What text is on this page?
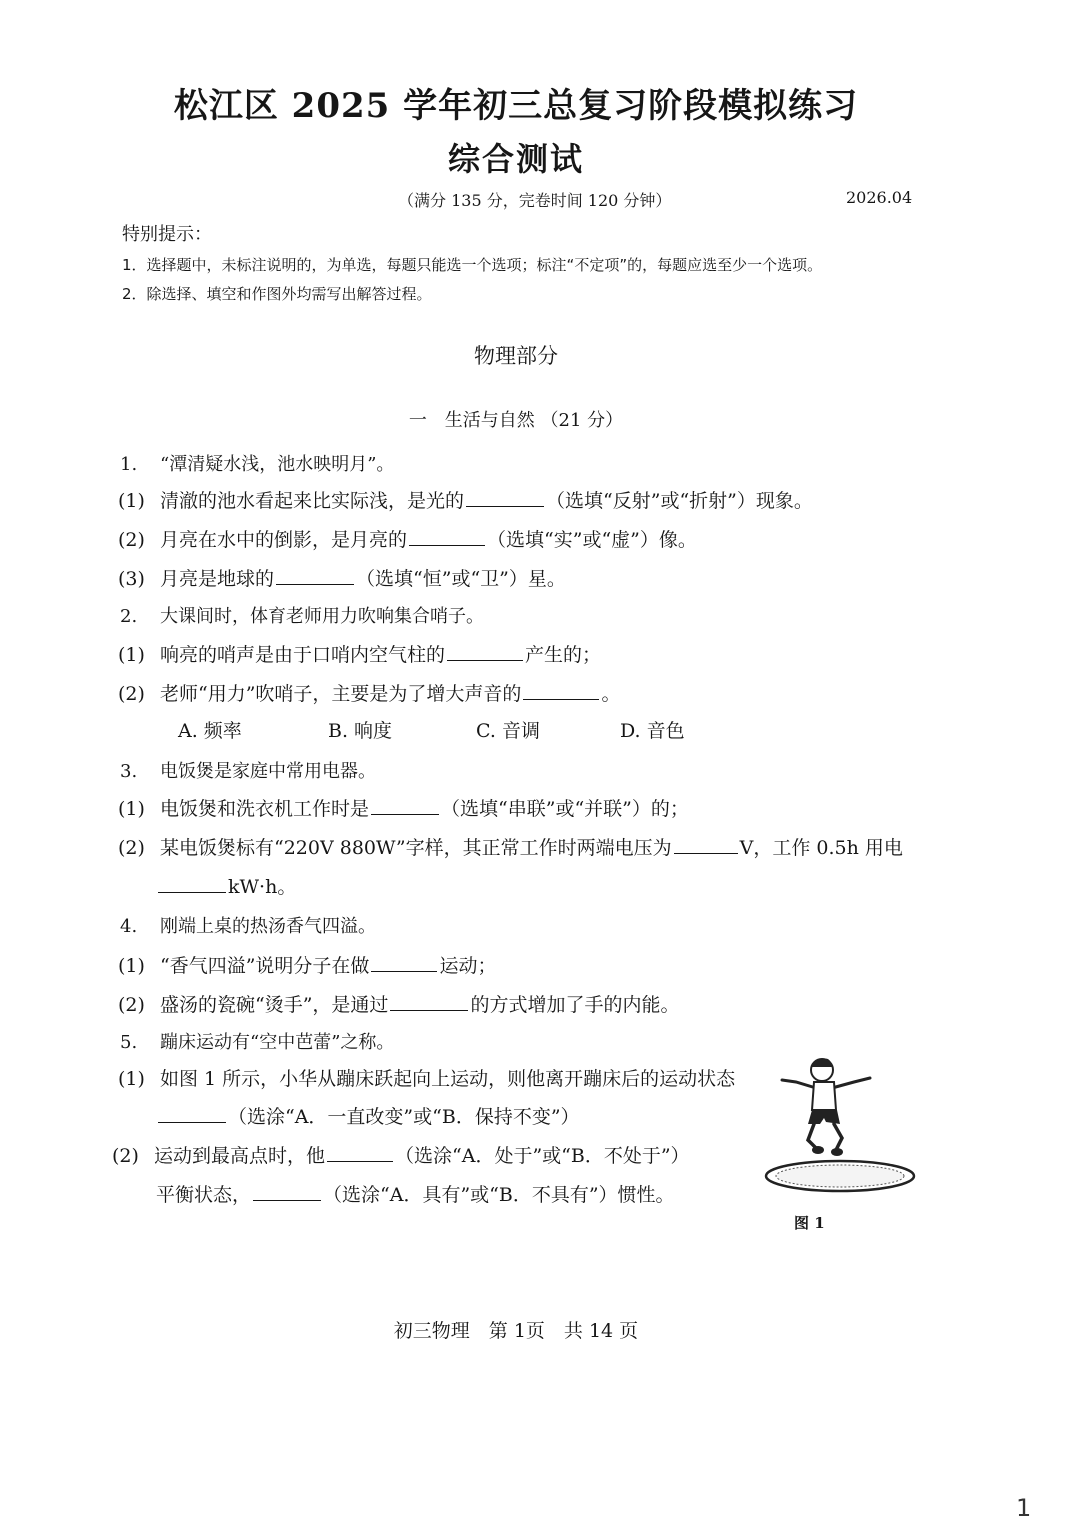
松江区 2025 学年初三总复习阶段模拟练习
综合测试
（满分 135 分，完卷时间 120 分钟）	2026.04
特别提示：
1．选择题中，未标注说明的，为单选，每题只能选一个选项；标注“不定项”的，每题应选至少一个选项。
2．除选择、填空和作图外均需写出解答过程。
物理部分
一　生活与自然 （21 分）
1. “潭清疑水浅，池水映明月”。
(1) 清澈的池水看起来比实际浅，是光的	（选填“反射”或“折射”）现象。
(2) 月亮在水中的倒影，是月亮的	（选填“实”或“虚”）像。
(3) 月亮是地球的	（选填“恒”或“卫”）星。
2. 大课间时，体育老师用力吹响集合哨子。
(1) 响亮的哨声是由于口哨内空气柱的	产生的；
(2) 老师“用力”吹哨子，主要是为了增大声音的	。
A. 频率	B. 响度	C. 音调	D. 音色
3. 电饭煲是家庭中常用电器。
(1) 电饭煲和洗衣机工作时是	（选填“串联”或“并联”）的；
(2) 某电饭煲标有“220V 880W”字样，其正常工作时两端电压为	V，工作 0.5h 用电
kW·h。
4. 刚端上桌的热汤香气四溢。
(1) “香气四溢”说明分子在做	运动；
(2) 盛汤的瓷碗“烫手”，是通过	的方式增加了手的内能。
5. 蹦床运动有“空中芭蕾”之称。
(1) 如图 1 所示，小华从蹦床跃起向上运动，则他离开蹦床后的运动状态
（选涂“A．一直改变”或“B．保持不变”）
(2) 运动到最高点时，他	（选涂“A．处于”或“B．不处于”）
平衡状态，	（选涂“A．具有”或“B．不具有”）惯性。
图 1
初三物理　第 1页　共 14 页
1
